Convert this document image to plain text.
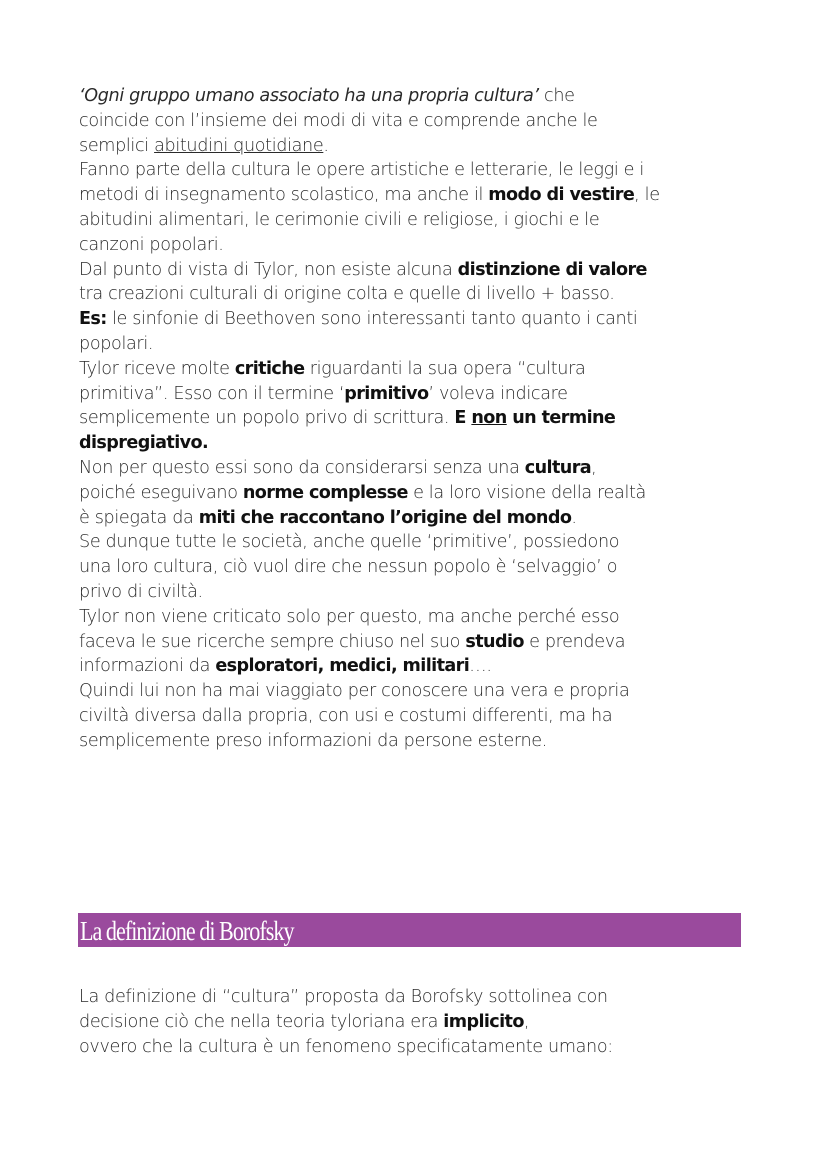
‘Ogni gruppo umano associato ha una propria cultura’ che
coincide con l’insieme dei modi di vita e comprende anche le
semplici abitudini quotidiane.
Fanno parte della cultura le opere artistiche e letterarie, le leggi e i
metodi di insegnamento scolastico, ma anche il modo di vestire, le
abitudini alimentari, le cerimonie civili e religiose, i giochi e le
canzoni popolari.
Dal punto di vista di Tylor, non esiste alcuna distinzione di valore
tra creazioni culturali di origine colta e quelle di livello + basso.
Es: le sinfonie di Beethoven sono interessanti tanto quanto i canti
popolari.
Tylor riceve molte critiche riguardanti la sua opera “cultura
primitiva”. Esso con il termine ‘primitivo’ voleva indicare
semplicemente un popolo privo di scrittura. E non un termine
dispregiativo.
Non per questo essi sono da considerarsi senza una cultura,
poiché eseguivano norme complesse e la loro visione della realtà
è spiegata da miti che raccontano l’origine del mondo.
Se dunque tutte le società, anche quelle ‘primitive’, possiedono
una loro cultura, ciò vuol dire che nessun popolo è ‘selvaggio’ o
privo di civiltà.
Tylor non viene criticato solo per questo, ma anche perché esso
faceva le sue ricerche sempre chiuso nel suo studio e prendeva
informazioni da esploratori, medici, militari….
Quindi lui non ha mai viaggiato per conoscere una vera e propria
civiltà diversa dalla propria, con usi e costumi differenti, ma ha
semplicemente preso informazioni da persone esterne.
La definizione di Borofsky
La definizione di “cultura” proposta da Borofsky sottolinea con
decisione ciò che nella teoria tyloriana era implicito,
ovvero che la cultura è un fenomeno specificatamente umano:
